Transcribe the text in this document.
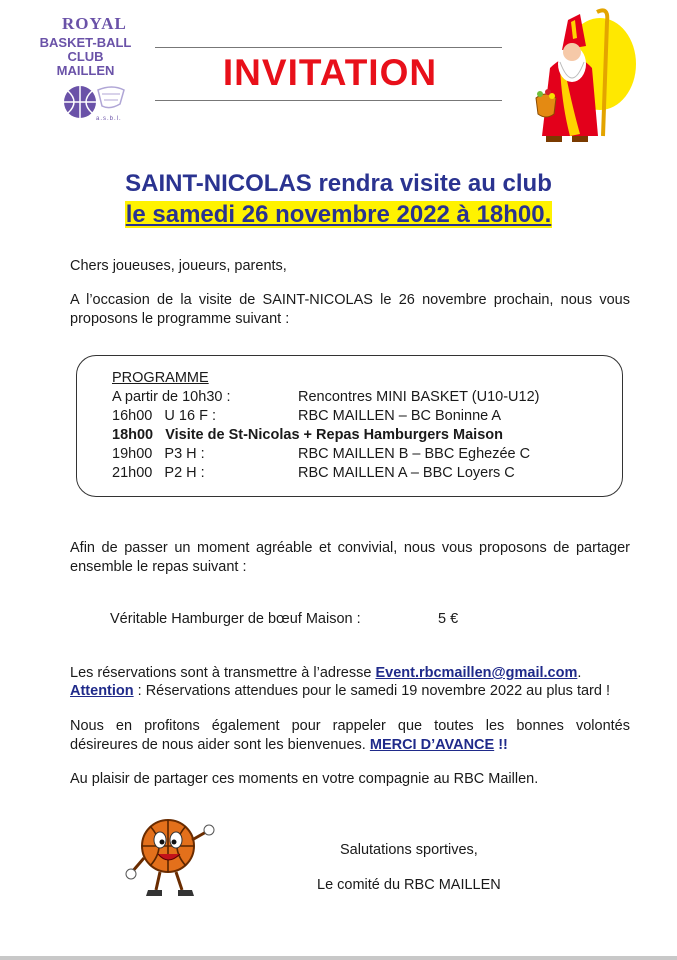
ROYAL
BASKET-BALL
CLUB
MAILLEN
a.s.b.l.
INVITATION
SAINT-NICOLAS rendra visite au club
le samedi 26 novembre 2022 à 18h00.
Chers joueuses, joueurs, parents,
A l’occasion de la visite de SAINT-NICOLAS le 26 novembre prochain, nous vous
proposons le programme suivant :
PROGRAMME
A partir de 10h30 :	Rencontres MINI BASKET (U10-U12)
16h00   U 16 F :	RBC MAILLEN – BC Boninne A
18h00   Visite de St-Nicolas + Repas Hamburgers Maison
19h00   P3 H :	RBC MAILLEN B – BBC Eghezée C
21h00   P2 H :	RBC MAILLEN A – BBC Loyers C
Afin de passer un moment agréable et convivial, nous vous proposons de partager
ensemble le repas suivant :
Véritable Hamburger de bœuf Maison :	5 €
Les réservations sont à transmettre à l’adresse Event.rbcmaillen@gmail.com.
Attention : Réservations attendues pour le samedi 19 novembre 2022 au plus tard !
Nous en profitons également pour rappeler que toutes les bonnes volontés
désireures de nous aider sont les bienvenues. MERCI D’AVANCE !!
Au plaisir de partager ces moments en votre compagnie au RBC Maillen.
Salutations sportives,
Le comité du RBC MAILLEN
